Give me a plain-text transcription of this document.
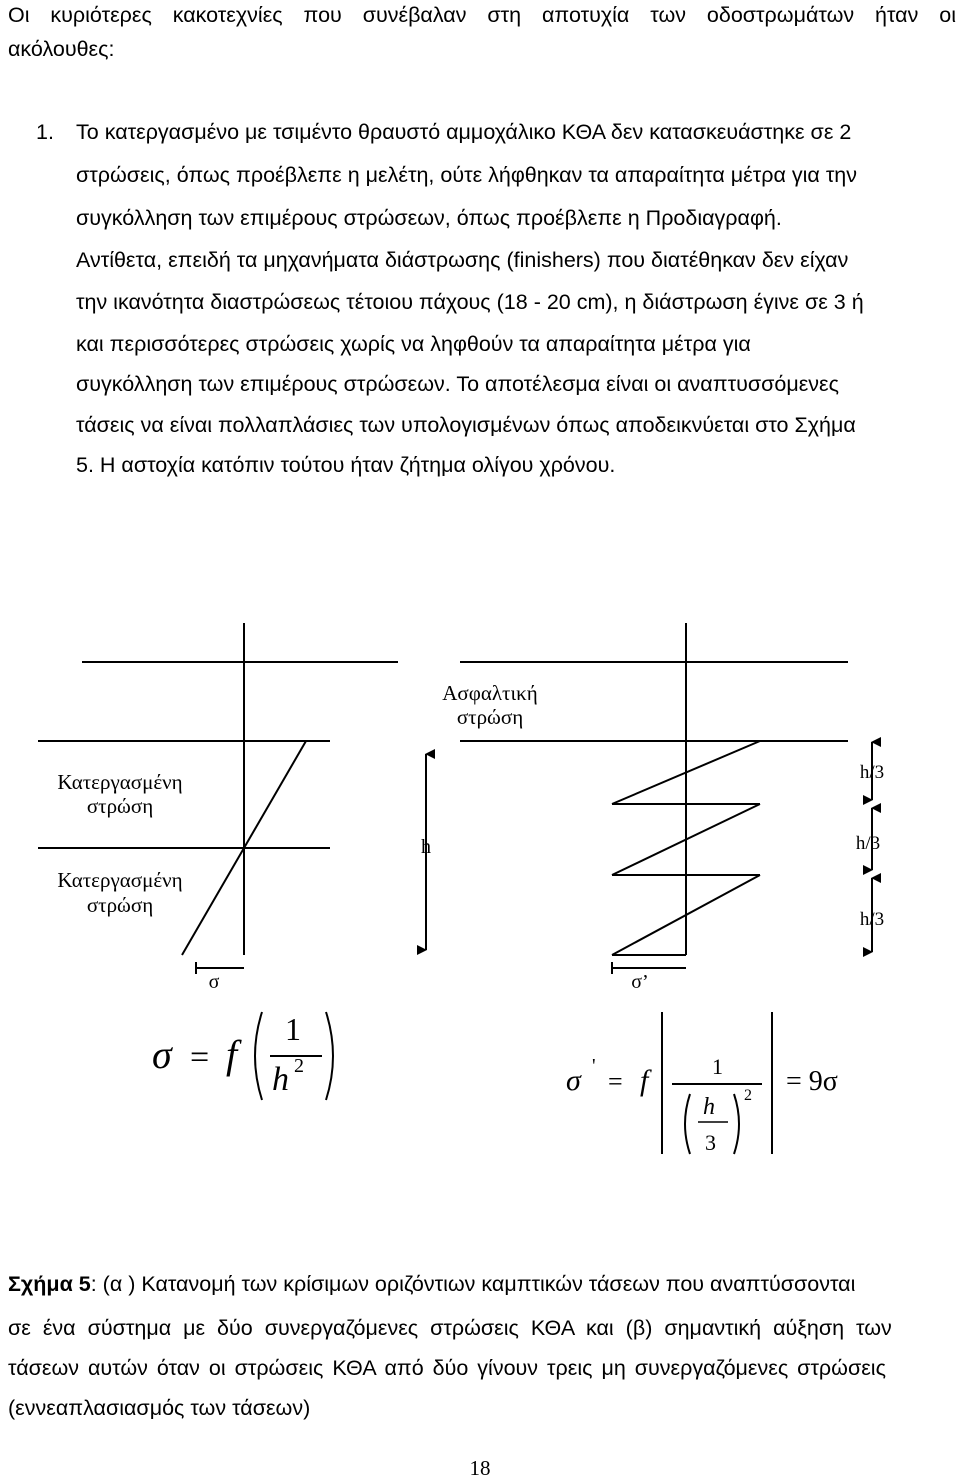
Οι κυριότερες κακοτεχνίες που συνέβαλαν στη αποτυχία των οδοστρωμάτων ήταν οι
ακόλουθες:
1. Το κατεργασμένο με τσιμέντο θραυστό αμμοχάλικο ΚΘΑ δεν κατασκευάστηκε σε 2
στρώσεις, όπως προέβλεπε η μελέτη, ούτε λήφθηκαν τα απαραίτητα μέτρα για την
συγκόλληση των επιμέρους στρώσεων, όπως προέβλεπε η Προδιαγραφή.
Αντίθετα, επειδή τα μηχανήματα διάστρωσης (finishers) που διατέθηκαν δεν είχαν
την ικανότητα διαστρώσεως τέτοιου πάχους (18 - 20 cm), η διάστρωση έγινε σε 3 ή
και περισσότερες στρώσεις χωρίς να ληφθούν τα απαραίτητα μέτρα για
συγκόλληση των επιμέρους στρώσεων. Το αποτέλεσμα είναι οι αναπτυσσόμενες
τάσεις να είναι πολλαπλάσιες των υπολογισμένων όπως αποδεικνύεται στο Σχήμα
5. Η αστοχία κατόπιν τούτου ήταν ζήτημα ολίγου χρόνου.
Ασφαλτική
στρώση
Κατεργασμένη
στρώση
Κατεργασμένη
στρώση
h
h/3
h/3
h/3
σ	σ’
σ = f
1
h 2	σ '
= f	1
h
3
2 = 9σ
Σχήμα 5: (α ) Κατανομή των κρίσιμων οριζόντιων καμπτικών τάσεων που αναπτύσσονται
σε ένα σύστημα με δύο συνεργαζόμενες στρώσεις ΚΘΑ και (β) σημαντική αύξηση των
τάσεων αυτών όταν οι στρώσεις ΚΘΑ από δύο γίνουν τρεις μη συνεργαζόμενες στρώσεις
(εννεαπλασιασμός των τάσεων)
18
